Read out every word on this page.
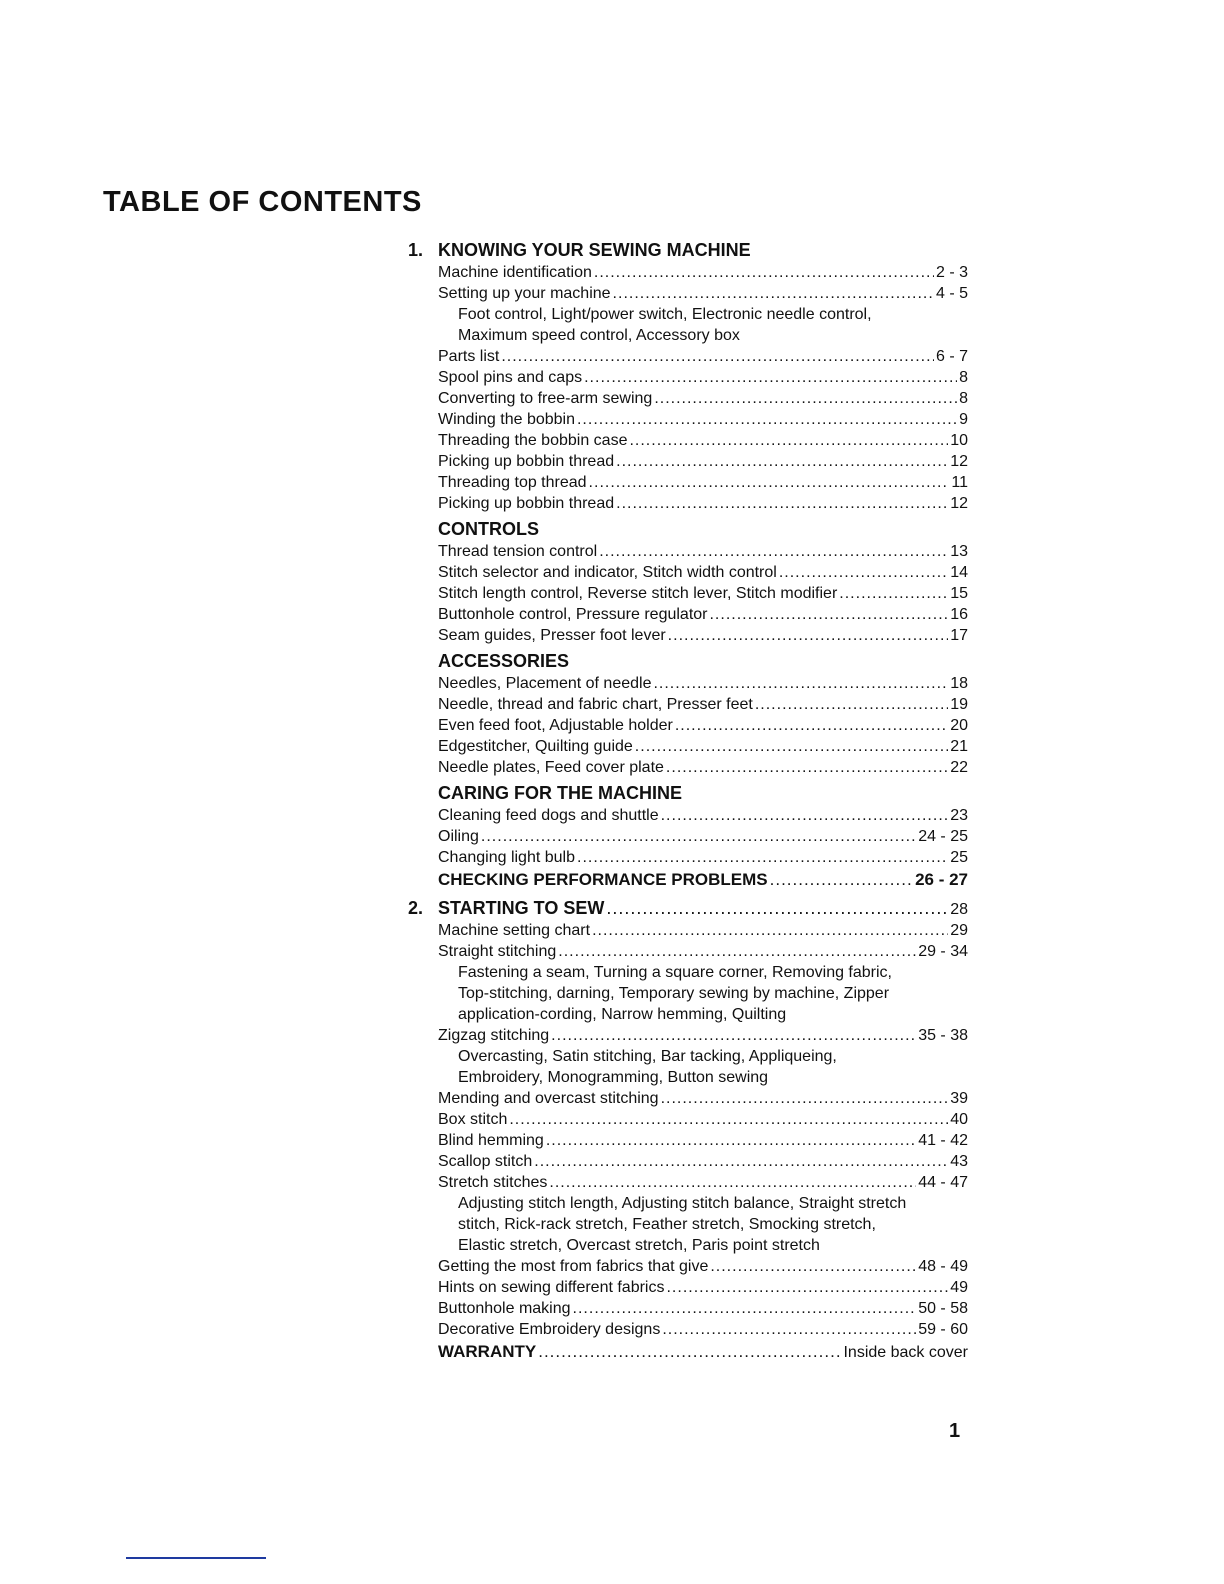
TABLE OF CONTENTS
1. KNOWING YOUR SEWING MACHINE
Machine identification .....	2 - 3
Setting up your machine .....	4 - 5
Foot control, Light/power switch, Electronic needle control, Maximum speed control, Accessory box
Parts list .....	6 - 7
Spool pins and caps .....	8
Converting to free-arm sewing .....	8
Winding the bobbin .....	9
Threading the bobbin case .....	10
Picking up bobbin thread .....	12
Threading top thread .....	11
Picking up bobbin thread .....	12
CONTROLS
Thread tension control .....	13
Stitch selector and indicator, Stitch width control .....	14
Stitch length control, Reverse stitch lever, Stitch modifier .....	15
Buttonhole control, Pressure regulator .....	16
Seam guides, Presser foot lever .....	17
ACCESSORIES
Needles, Placement of needle .....	18
Needle, thread and fabric chart, Presser feet .....	19
Even feed foot, Adjustable holder .....	20
Edgestitcher, Quilting guide .....	21
Needle plates, Feed cover plate .....	22
CARING FOR THE MACHINE
Cleaning feed dogs and shuttle .....	23
Oiling .....	24 - 25
Changing light bulb .....	25
CHECKING PERFORMANCE PROBLEMS .....	26 - 27
2. STARTING TO SEW .....	28
Machine setting chart .....	29
Straight stitching .....	29 - 34
Fastening a seam, Turning a square corner, Removing fabric, Top-stitching, darning, Temporary sewing by machine, Zipper application-cording, Narrow hemming, Quilting
Zigzag stitching .....	35 - 38
Overcasting, Satin stitching, Bar tacking, Appliqueing, Embroidery, Monogramming, Button sewing
Mending and overcast stitching .....	39
Box stitch .....	40
Blind hemming .....	41 - 42
Scallop stitch .....	43
Stretch stitches .....	44 - 47
Adjusting stitch length, Adjusting stitch balance, Straight stretch stitch, Rick-rack stretch, Feather stretch, Smocking stretch, Elastic stretch, Overcast stretch, Paris point stretch
Getting the most from fabrics that give .....	48 - 49
Hints on sewing different fabrics .....	49
Buttonhole making .....	50 - 58
Decorative Embroidery designs .....	59 - 60
WARRANTY .....	Inside back cover
1
